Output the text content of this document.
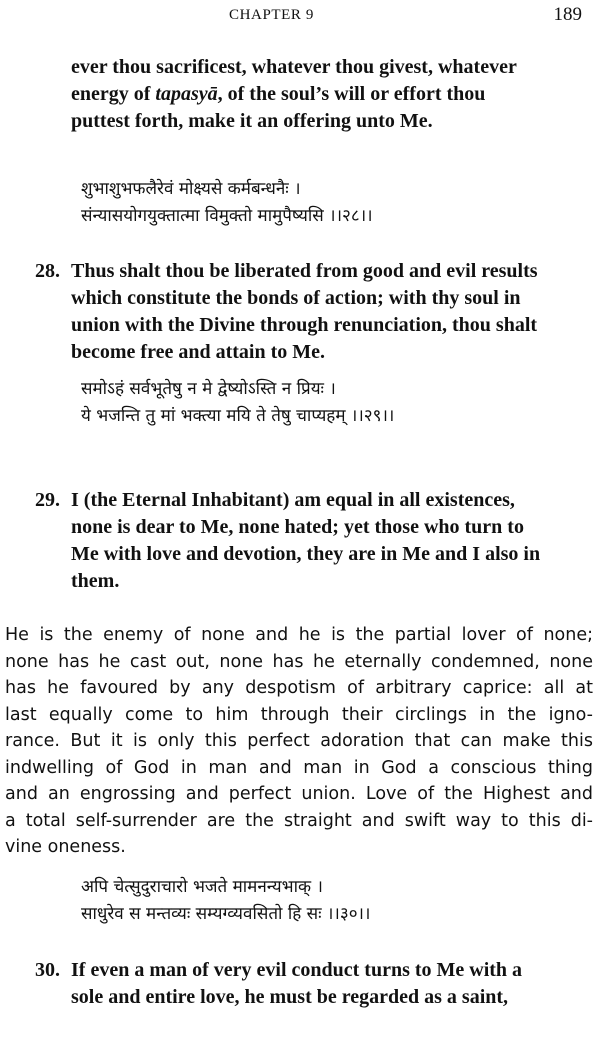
CHAPTER 9	189
ever thou sacrificest, whatever thou givest, whatever
energy of tapasyā, of the soul’s will or effort thou
puttest forth, make it an offering unto Me.
शुभाशुभफलैरेवं मोक्ष्यसे कर्मबन्धनैः ।
संन्यासयोगयुक्तात्मा विमुक्तो मामुपैष्यसि ।।२८।।
28. Thus shalt thou be liberated from good and evil results
which constitute the bonds of action; with thy soul in
union with the Divine through renunciation, thou shalt
become free and attain to Me.
समोऽहं सर्वभूतेषु न मे द्वेष्योऽस्ति न प्रियः ।
ये भजन्ति तु मां भक्त्या मयि ते तेषु चाप्यहम् ।।२९।।
29. I (the Eternal Inhabitant) am equal in all existences,
none is dear to Me, none hated; yet those who turn to
Me with love and devotion, they are in Me and I also in
them.
He is the enemy of none and he is the partial lover of none;
none has he cast out, none has he eternally condemned, none
has he favoured by any despotism of arbitrary caprice: all at
last equally come to him through their circlings in the igno-
rance. But it is only this perfect adoration that can make this
indwelling of God in man and man in God a conscious thing
and an engrossing and perfect union. Love of the Highest and
a total self-surrender are the straight and swift way to this di-
vine oneness.
अपि चेत्सुदुराचारो भजते मामनन्यभाक् ।
साधुरेव स मन्तव्यः सम्यग्व्यवसितो हि सः ।।३०।।
30. If even a man of very evil conduct turns to Me with a
sole and entire love, he must be regarded as a saint,
